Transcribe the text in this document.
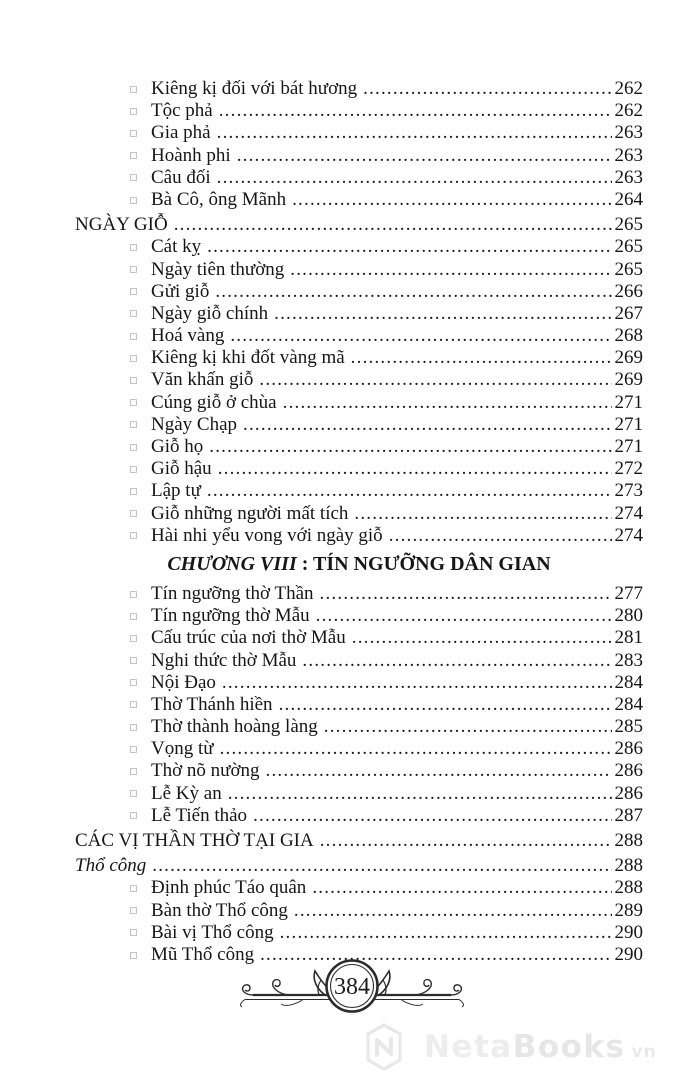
Kiêng kị đối với bát hương .....	262
Tộc phả .....	262
Gia phả .....	263
Hoành phi .....	263
Câu đối .....	263
Bà Cô, ông Mãnh .....	264
NGÀY GIỖ .....	265
Cát kỵ .....	265
Ngày tiên thường .....	265
Gửi giỗ .....	266
Ngày giỗ chính .....	267
Hoá vàng .....	268
Kiêng kị khi đốt vàng mã .....	269
Văn khấn giỗ .....	269
Cúng giỗ ở chùa .....	271
Ngày Chạp .....	271
Giỗ họ .....	271
Giỗ hậu .....	272
Lập tự .....	273
Giỗ những người mất tích .....	274
Hài nhi yểu vong với ngày giỗ .....	274
CHƯƠNG VIII : TÍN NGƯỠNG DÂN GIAN
Tín ngưỡng thờ Thần .....	277
Tín ngưỡng thờ Mẫu .....	280
Cấu trúc của nơi thờ Mẫu .....	281
Nghi thức thờ Mẫu .....	283
Nội Đạo .....	284
Thờ Thánh hiền .....	284
Thờ thành hoàng làng .....	285
Vọng từ .....	286
Thờ nõ nường .....	286
Lễ Kỳ an .....	286
Lễ Tiến thảo .....	287
CÁC VỊ THẦN THỜ TẠI GIA .....	288
Thổ công .....	288
Định phúc Táo quân .....	288
Bàn thờ Thổ công .....	289
Bài vị Thổ công .....	290
Mũ Thổ công .....	290
384
NetaBooks vn
